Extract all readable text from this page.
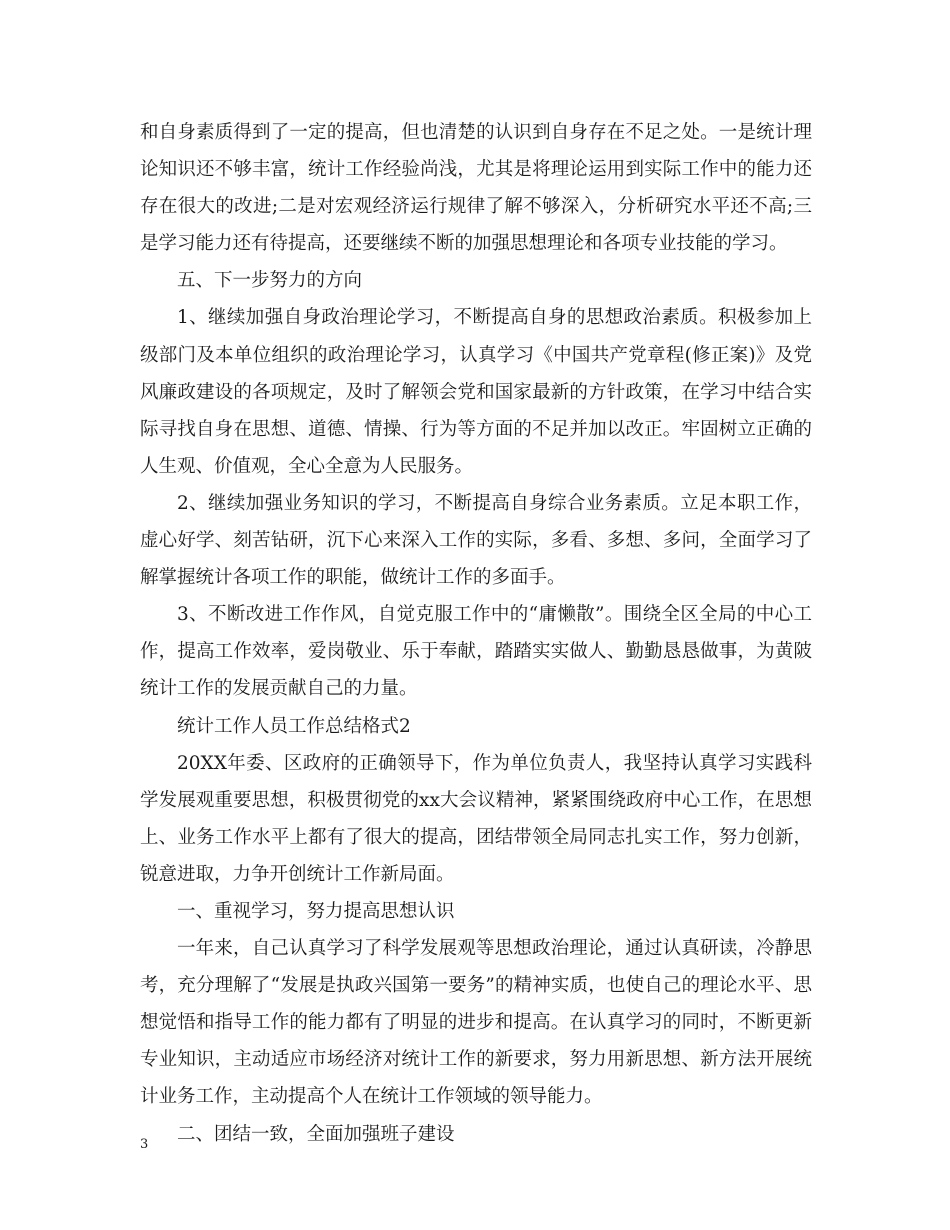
和自身素质得到了一定的提高，但也清楚的认识到自身存在不足之处。一是统计理论知识还不够丰富，统计工作经验尚浅，尤其是将理论运用到实际工作中的能力还存在很大的改进;二是对宏观经济运行规律了解不够深入，分析研究水平还不高;三是学习能力还有待提高，还要继续不断的加强思想理论和各项专业技能的学习。

五、下一步努力的方向

1、继续加强自身政治理论学习，不断提高自身的思想政治素质。积极参加上级部门及本单位组织的政治理论学习，认真学习《中国共产党章程(修正案)》及党风廉政建设的各项规定，及时了解领会党和国家最新的方针政策，在学习中结合实际寻找自身在思想、道德、情操、行为等方面的不足并加以改正。牢固树立正确的人生观、价值观，全心全意为人民服务。

2、继续加强业务知识的学习，不断提高自身综合业务素质。立足本职工作，虚心好学、刻苦钻研，沉下心来深入工作的实际，多看、多想、多问，全面学习了解掌握统计各项工作的职能，做统计工作的多面手。

3、不断改进工作作风，自觉克服工作中的“庸懒散”。围绕全区全局的中心工作，提高工作效率，爱岗敬业、乐于奉献，踏踏实实做人、勤勤恳恳做事，为黄陂统计工作的发展贡献自己的力量。

统计工作人员工作总结格式2

20XX年委、区政府的正确领导下，作为单位负责人，我坚持认真学习实践科学发展观重要思想，积极贯彻党的xx大会议精神，紧紧围绕政府中心工作，在思想上、业务工作水平上都有了很大的提高，团结带领全局同志扎实工作，努力创新，锐意进取，力争开创统计工作新局面。

一、重视学习，努力提高思想认识

一年来，自己认真学习了科学发展观等思想政治理论，通过认真研读，冷静思考，充分理解了“发展是执政兴国第一要务”的精神实质，也使自己的理论水平、思想觉悟和指导工作的能力都有了明显的进步和提高。在认真学习的同时，不断更新专业知识，主动适应市场经济对统计工作的新要求，努力用新思想、新方法开展统计业务工作，主动提高个人在统计工作领域的领导能力。

二、团结一致，全面加强班子建设

3
